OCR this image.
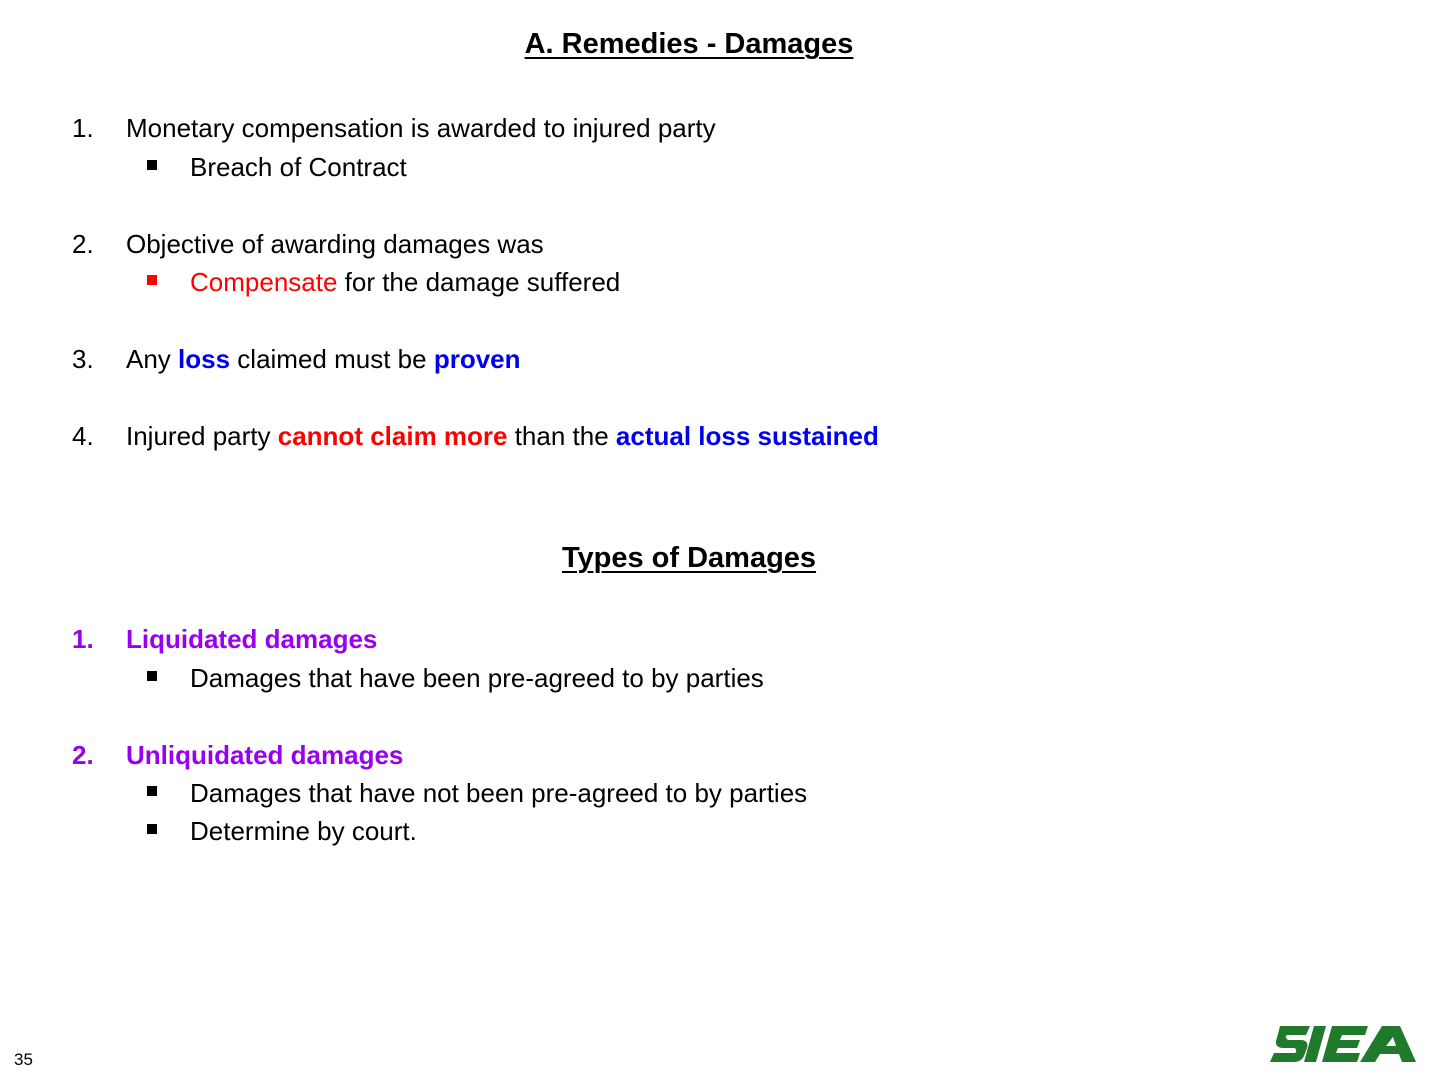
A. Remedies - Damages
1. Monetary compensation is awarded to injured party
Breach of Contract
2. Objective of awarding damages was
Compensate for the damage suffered
3. Any loss claimed must be proven
4. Injured party cannot claim more than the actual loss sustained
Types of Damages
1. Liquidated damages
Damages that have been pre-agreed to by parties
2. Unliquidated damages
Damages that have not been pre-agreed to by parties
Determine by court.
35
